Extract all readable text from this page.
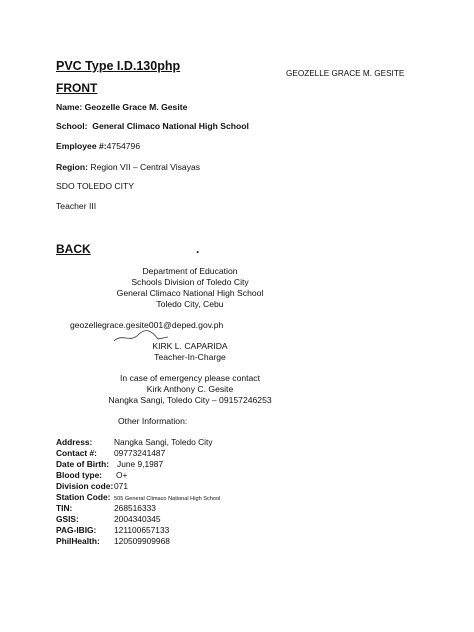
PVC Type I.D.130php
GEOZELLE GRACE M. GESITE
FRONT
Name: Geozelle Grace M. Gesite
School: General Climaco National High School
Employee #:4754796
Region: Region VII – Central Visayas
SDO TOLEDO CITY
Teacher III
BACK	.
Department of Education
Schools Division of Toledo City
General Climaco National High School
Toledo City, Cebu
geozellegrace.gesite001@deped.gov.ph
KIRK L. CAPARIDA
Teacher-In-Charge
In case of emergency please contact
Kirk Anthony C. Gesite
Nangka Sangi, Toledo City – 09157246253
Other Information:
Address:	Nangka Sangi, Toledo City
Contact #: 09773241487
Date of Birth: June 9,1987
Blood type: O+
Division code:071
Station Code: 505 General Climaco National High School
TIN:	268516333
GSIS:	2004340345
PAG-IBIG: 121100657133
PhilHealth: 120509909968
